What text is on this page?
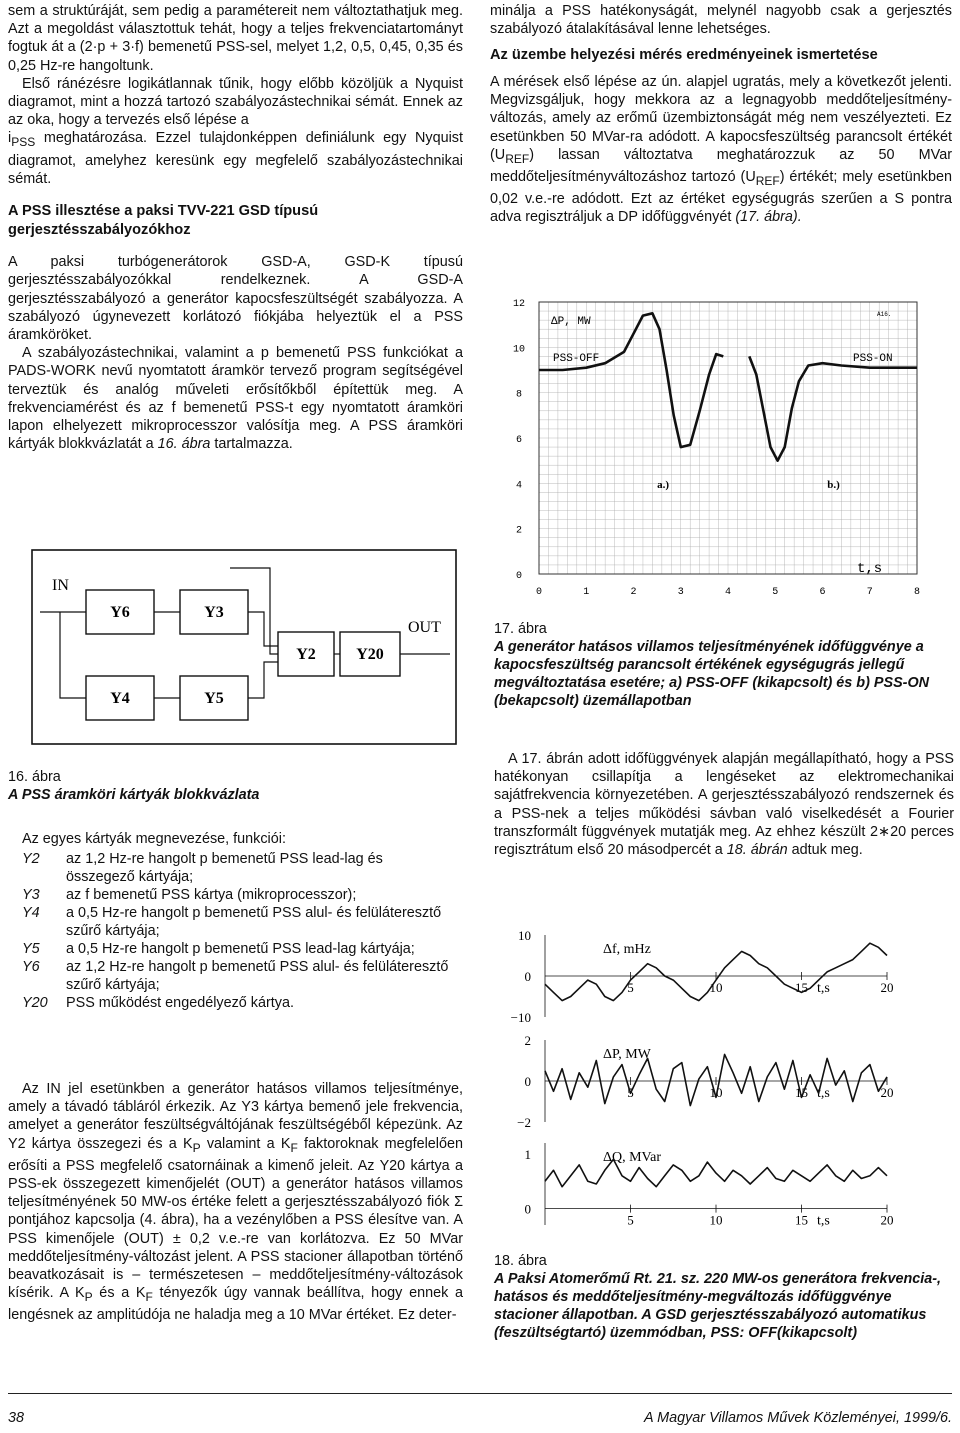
sem a struktúráját, sem pedig a paramétereit nem változtathatjuk meg. Azt a megoldást választottuk tehát, hogy a teljes frekvenciatartományt fogtuk át a (2·p + 3·f) bemenetű PSS-sel, melyet 1,2, 0,5, 0,45, 0,35 és 0,25 Hz-re hangoltunk.

Első ránézésre logikátlannak tűnik, hogy előbb közöljük a Nyquist diagramot, mint a hozzá tartozó szabályozástechnikai sémát. Ennek az az oka, hogy a tervezés első lépése a
$i_{PSS}$ meghatározása. Ezzel tulajdonképpen definiálunk egy Nyquist diagramot, amelyhez keresünk egy megfelelő szabályozástechnikai sémát.

A PSS illesztése a paksi TVV-221 GSD típusú gerjesztésszabályozókhoz

A paksi turbógenerátorok GSD-A, GSD-K típusú gerjesztésszabályozókkal rendelkeznek. A GSD-A gerjesztésszabályozó a generátor kapocsfeszültségét szabályozza. A szabályozó úgynevezett korlátozó fiókjába helyeztük el a PSS áramköröket.

A szabályozástechnikai, valamint a p bemenetű PSS funkciókat a PADS-WORK nevű nyomtatott áramkör tervező program segítségével terveztük és analóg műveleti erősítőkből építettük meg. A frekvenciamérést és az f bemenetű PSS-t egy nyomtatott áramköri lapon elhelyezett mikroprocesszor valósítja meg. A PSS áramköri kártyák blokkvázlatát a 16. ábra tartalmazza.

IN
OUT
Y6	Y3
Y4	Y5
Y2	Y20

16. ábra

A PSS áramköri kártyák blokkvázlata

Az egyes kártyák megnevezése, funkciói:

Y2	az 1,2 Hz-re hangolt p bemenetű PSS lead-lag és összegező kártyája;
Y3	az f bemenetű PSS kártya (mikroprocesszor);
Y4	a 0,5 Hz-re hangolt p bemenetű PSS alul- és felüláteresztő szűrő kártyája;
Y5	a 0,5 Hz-re hangolt p bemenetű PSS lead-lag kártyája;
Y6	az 1,2 Hz-re hangolt p bemenetű PSS alul- és felüláteresztő szűrő kártyája;
Y20	PSS működést engedélyező kártya.

Az IN jel esetünkben a generátor hatásos villamos teljesítménye, amely a távadó tábláról érkezik. Az Y3 kártya bemenő jele frekvencia, amelyet a generátor feszültségváltójának feszültségéből képezünk. Az Y2 kártya összegezi és a $K_P$ valamint a $K_F$ faktoroknak megfelelően erősíti a PSS megfelelő csatornáinak a kimenő jeleit. Az Y20 kártya a PSS-ek összegezett kimenőjelét (OUT) a generátor hatásos villamos teljesítményének 50 MW-os értéke felett a gerjesztésszabályozó fiók Σ pontjához kapcsolja (4. ábra), ha a vezénylőben a PSS élesítve van. A PSS kimenőjele (OUT) ± 0,2 v.e.-re van korlátozva. Ez 50 MVar meddőteljesítmény-változást jelent. A PSS stacioner állapotban történő beavatkozásait is – természetesen – meddőteljesítmény-változások kísérik. A $K_P$ és a $K_F$ tényezők úgy vannak beállítva, hogy ennek a lengésnek az amplitúdója ne haladja meg a 10 MVar értéket. Ez deter-

minálja a PSS hatékonyságát, melynél nagyobb csak a gerjesztés szabályozó átalakításával lenne lehetséges.

Az üzembe helyezési mérés eredményeinek ismertetése

A mérések első lépése az ún. alapjel ugratás, mely a következőt jelenti. Megvizsgáljuk, hogy mekkora az a legnagyobb meddőteljesítmény-változás, amely az erőmű üzembiztonságát még nem veszélyezteti. Ez esetünkben 50 MVar-ra adódott. A kapocsfeszültség parancsolt értékét $(U_{REF})$ lassan változtatva meghatározzuk az 50 MVar meddőteljesítményváltozáshoz tartozó $(U_{REF})$ értékét; mely esetünkben 0,02 v.e.-re adódott. Ezt az értéket egységugrás szerűen a S pontra adva regisztráljuk a DP időfüggvényét (17. ábra).

0	1	2	3	4	5	6	7	8
0
2
4
6
8
10
12
ΔP, MW
t,s
A16.
PSS-OFF	PSS-ON
a.)	b.)

17. ábra

A generátor hatásos villamos teljesítményének időfüggvénye a kapocsfeszültség parancsolt értékének egységugrás jellegű megváltoztatása esetére; a) PSS-OFF (kikapcsolt) és b) PSS-ON (bekapcsolt) üzemállapotban

A 17. ábrán adott időfüggvények alapján megállapítható, hogy a PSS hatékonyan csillapítja a lengéseket az elektromechanikai sajátfrekvencia környezetében. A gerjesztésszabályozó rendszernek és a PSS-nek a teljes működési sávban való viselkedését a Fourier transzformált függvények mutatják meg. Az ehhez készült 2∗20 perces regisztrátum első 20 másodpercét a 18. ábrán adtuk meg.

5	10	15	20
10
0
−10
Δf, mHz
t,s
5	10	15	20
2
0
−2
ΔP, MW
t,s
5	10	15	20
1
0
ΔQ, MVar
t,s

18. ábra

A Paksi Atomerőmű Rt. 21. sz. 220 MW-os generátora frekvencia-, hatásos és meddőteljesítmény-megváltozás időfüggvénye stacioner állapotban. A GSD gerjesztésszabályozó automatikus (feszültségtartó) üzemmódban, PSS: OFF(kikapcsolt)

38	A Magyar Villamos Művek Közleményei, 1999/6.
